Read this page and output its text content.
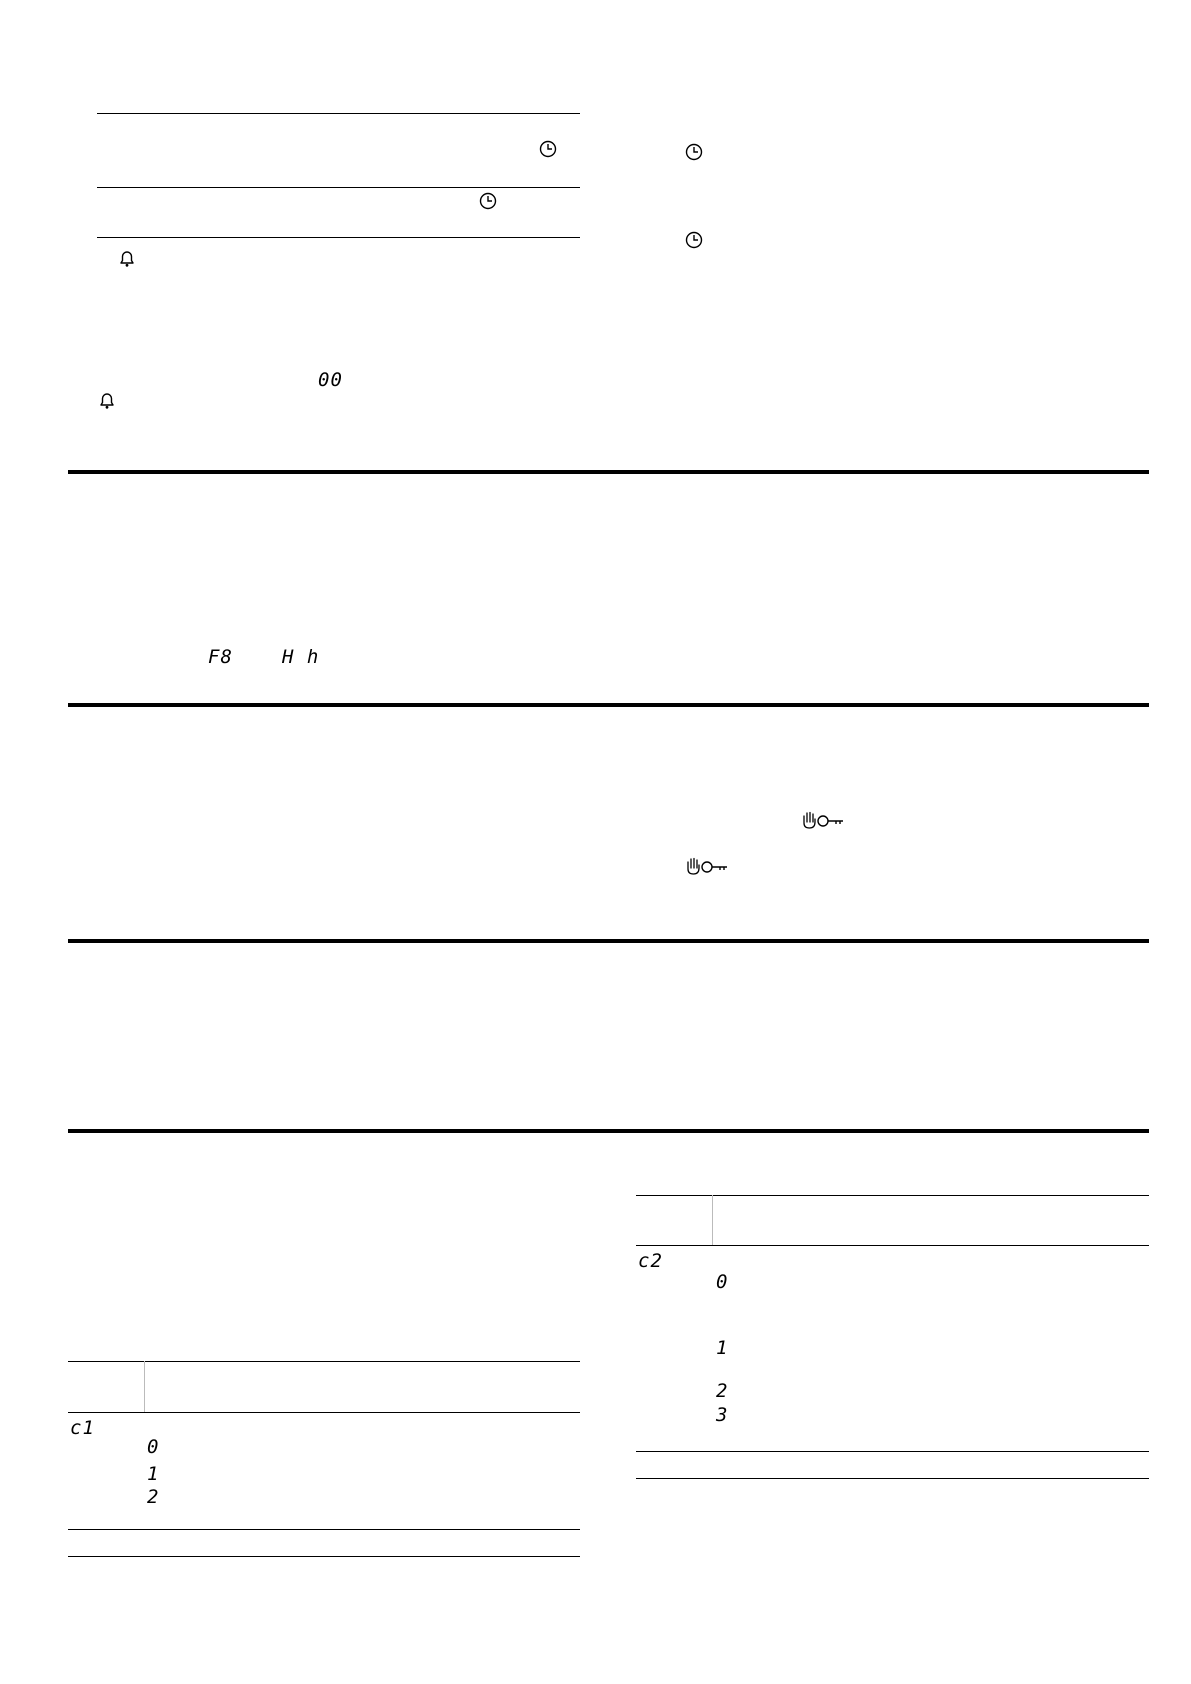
00
F8	H h
c1
0
1
2
c2
0
1
2
3
